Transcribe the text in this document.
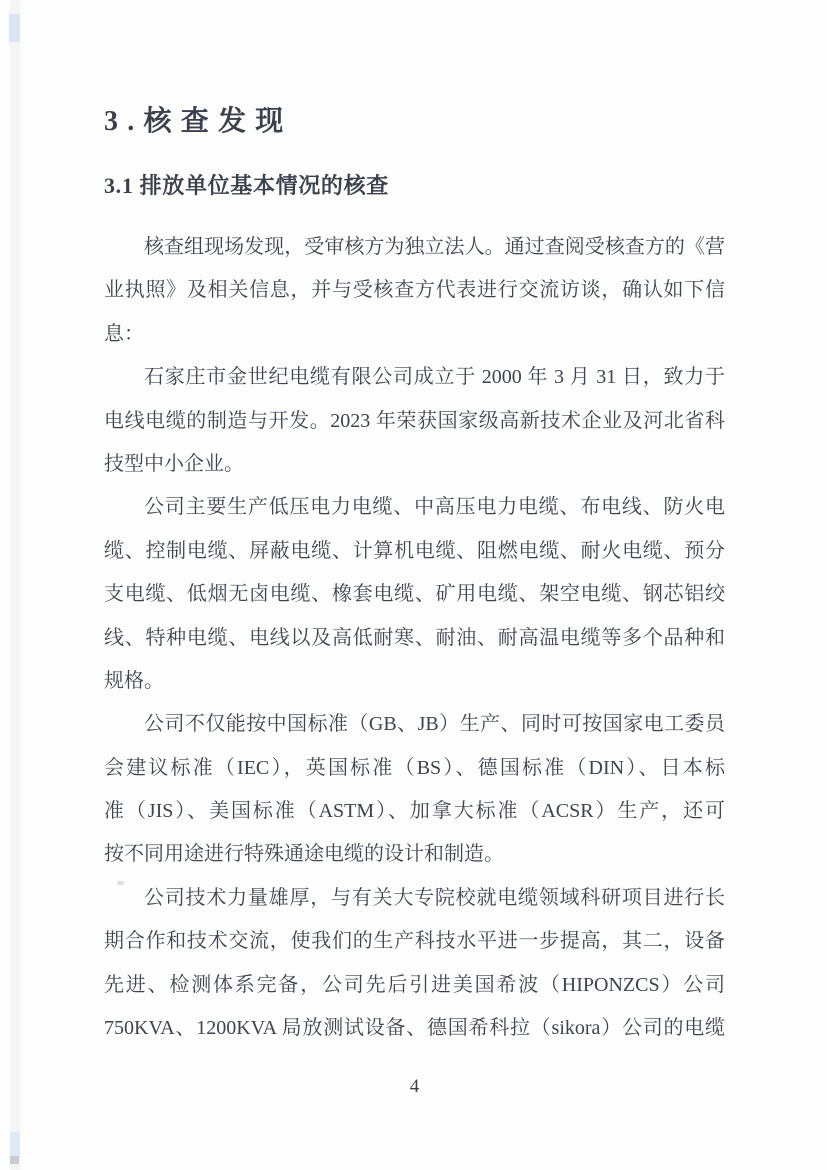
3.核查发现
3.1 排放单位基本情况的核查
核查组现场发现，受审核方为独立法人。通过查阅受核查方的《营
业执照》及相关信息，并与受核查方代表进行交流访谈，确认如下信
息：
石家庄市金世纪电缆有限公司成立于 2000 年 3 月 31 日，致力于
电线电缆的制造与开发。2023 年荣获国家级高新技术企业及河北省科
技型中小企业。
公司主要生产低压电力电缆、中高压电力电缆、布电线、防火电
缆、控制电缆、屏蔽电缆、计算机电缆、阻燃电缆、耐火电缆、预分
支电缆、低烟无卤电缆、橡套电缆、矿用电缆、架空电缆、钢芯铝绞
线、特种电缆、电线以及高低耐寒、耐油、耐高温电缆等多个品种和
规格。
公司不仅能按中国标准（GB、JB）生产、同时可按国家电工委员
会建议标准（IEC），英国标准（BS）、德国标准（DIN）、日本标
准（JIS）、美国标准（ASTM）、加拿大标准（ACSR）生产，还可
按不同用途进行特殊通途电缆的设计和制造。
公司技术力量雄厚，与有关大专院校就电缆领域科研项目进行长
期合作和技术交流，使我们的生产科技水平进一步提高，其二，设备
先进、检测体系完备，公司先后引进美国希波（HIPONZCS）公司
750KVA、1200KVA 局放测试设备、德国希科拉（sikora）公司的电缆
4
